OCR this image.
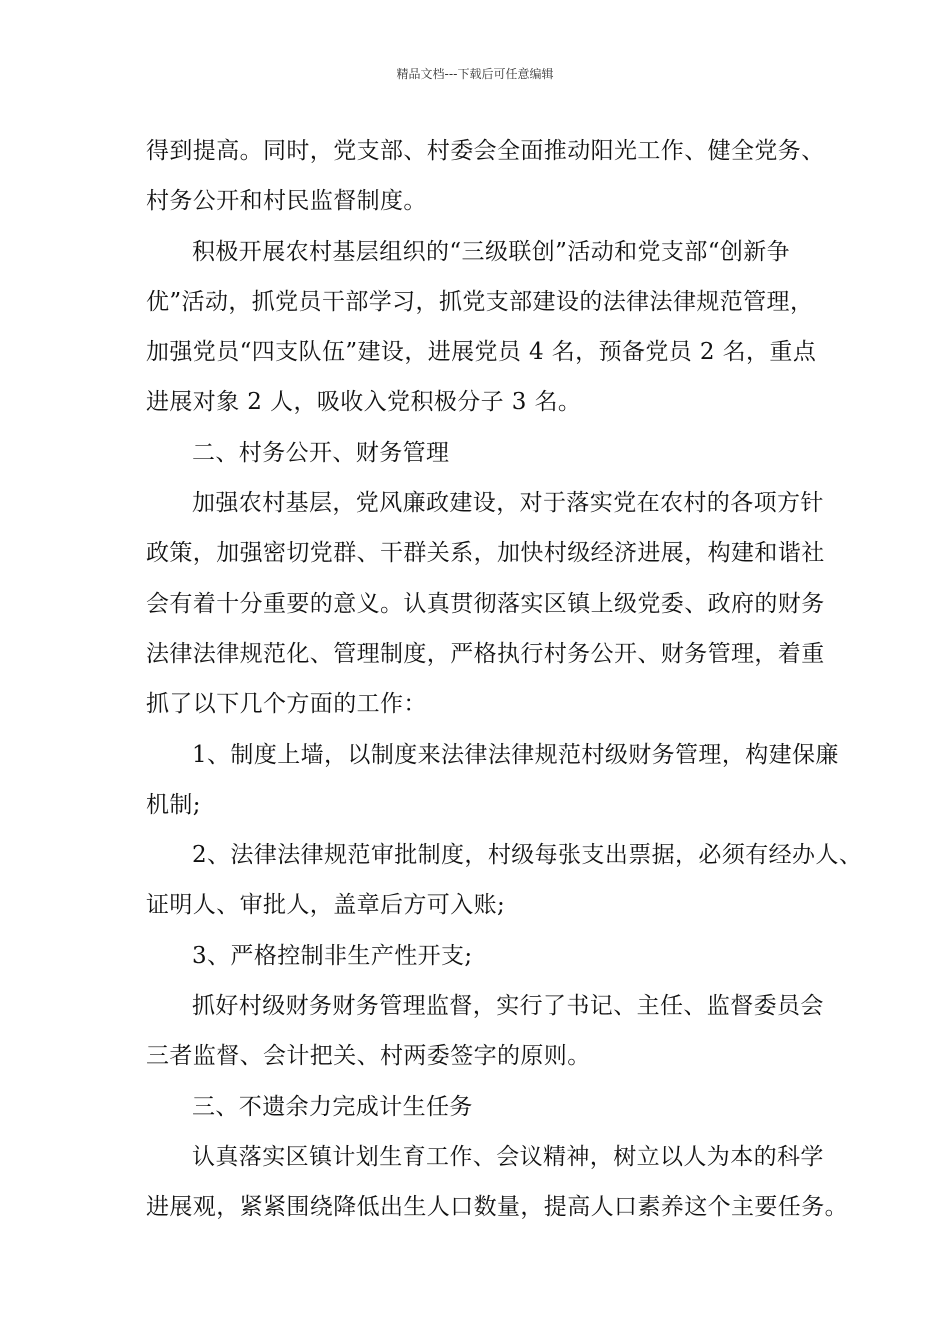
精品文档---下载后可任意编辑
得到提高。同时，党支部、村委会全面推动阳光工作、健全党务、
村务公开和村民监督制度。
积极开展农村基层组织的“三级联创”活动和党支部“创新争
优”活动，抓党员干部学习，抓党支部建设的法律法律规范管理，
加强党员“四支队伍”建设，进展党员 4 名，预备党员 2 名，重点
进展对象 2 人，吸收入党积极分子 3 名。
二、村务公开、财务管理
加强农村基层，党风廉政建设，对于落实党在农村的各项方针
政策，加强密切党群、干群关系，加快村级经济进展，构建和谐社
会有着十分重要的意义。认真贯彻落实区镇上级党委、政府的财务
法律法律规范化、管理制度，严格执行村务公开、财务管理，着重
抓了以下几个方面的工作：
1、制度上墙，以制度来法律法律规范村级财务管理，构建保廉
机制;
2、法律法律规范审批制度，村级每张支出票据，必须有经办人、
证明人、审批人，盖章后方可入账;
3、严格控制非生产性开支;
抓好村级财务财务管理监督，实行了书记、主任、监督委员会
三者监督、会计把关、村两委签字的原则。
三、不遗余力完成计生任务
认真落实区镇计划生育工作、会议精神，树立以人为本的科学
进展观，紧紧围绕降低出生人口数量，提高人口素养这个主要任务。
